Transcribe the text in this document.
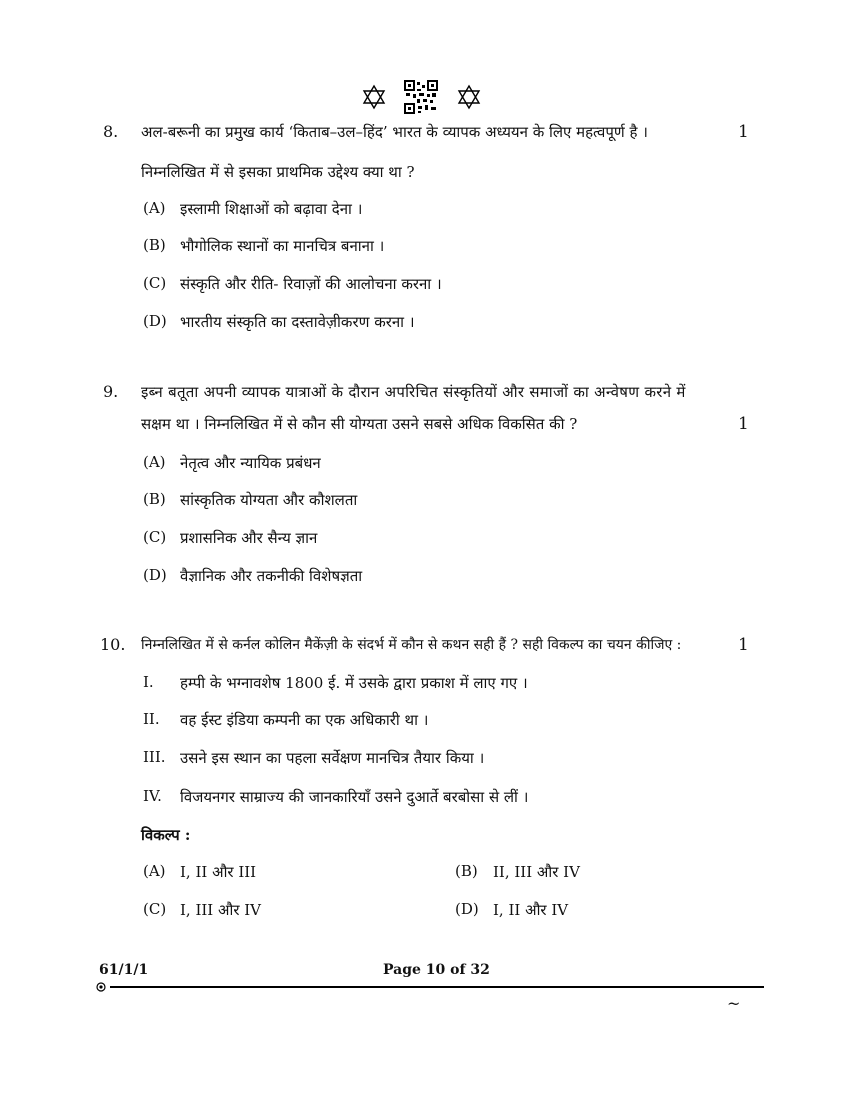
8. अल-बरूनी का प्रमुख कार्य ‘किताब–उल–हिंद’ भारत के व्यापक अध्ययन के लिए महत्वपूर्ण है ।	1
निम्नलिखित में से इसका प्राथमिक उद्देश्य क्या था ?
(A) इस्लामी शिक्षाओं को बढ़ावा देना ।
(B) भौगोलिक स्थानों का मानचित्र बनाना ।
(C) संस्कृति और रीति- रिवाज़ों की आलोचना करना ।
(D) भारतीय संस्कृति का दस्तावेज़ीकरण करना ।
9. इब्न बतूता अपनी व्यापक यात्राओं के दौरान अपरिचित संस्कृतियों और समाजों का अन्वेषण करने में
सक्षम था । निम्नलिखित में से कौन सी योग्यता उसने सबसे अधिक विकसित की ?	1
(A) नेतृत्व और न्यायिक प्रबंधन
(B) सांस्कृतिक योग्यता और कौशलता
(C) प्रशासनिक और सैन्य ज्ञान
(D) वैज्ञानिक और तकनीकी विशेषज्ञता
10. निम्नलिखित में से कर्नल कोलिन मैकेंज़ी के संदर्भ में कौन से कथन सही हैं ? सही विकल्प का चयन कीजिए :	1
I. हम्पी के भग्नावशेष 1800 ई. में उसके द्वारा प्रकाश में लाए गए ।
II. वह ईस्ट इंडिया कम्पनी का एक अधिकारी था ।
III. उसने इस स्थान का पहला सर्वेक्षण मानचित्र तैयार किया ।
IV. विजयनगर साम्राज्य की जानकारियाँ उसने दुआर्ते बरबोसा से लीं ।
विकल्प :
(A) I, II और III	(B) II, III और IV
(C) I, III और IV	(D) I, II और IV
61/1/1	Page 10 of 32
~
